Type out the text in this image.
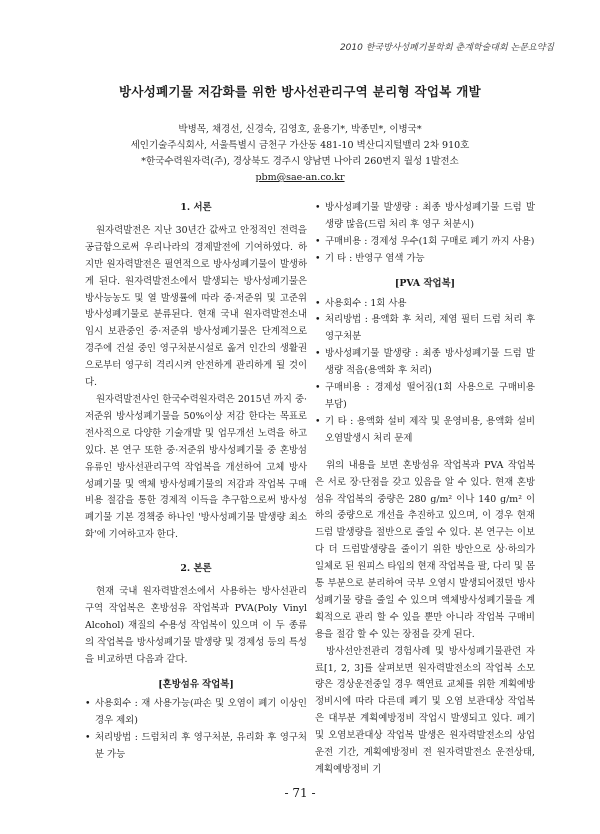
2010 한국방사성폐기물학회 춘계학술대회 논문요약집
방사성폐기물 저감화를 위한 방사선관리구역 분리형 작업복 개발
박병목, 채경선, 신경숙, 김영호, 윤용기*, 박종민*, 이병국*
세인기술주식회사, 서울특별시 금천구 가산동 481-10 벽산디지털밸리 2차 910호
*한국수력원자력(주), 경상북도 경주시 양남면 나아리 260번지 월성 1발전소
pbm@sae-an.co.kr
1. 서론

원자력발전은 지난 30년간 값싸고 안정적인 전력을 공급함으로써 우리나라의 경제발전에 기여하였다. 하지만 원자력발전은 필연적으로 방사성폐기물이 발생하게 된다. 원자력발전소에서 발생되는 방사성폐기물은 방사능농도 및 열 발생률에 따라 중·저준위 및 고준위 방사성폐기물로 분류된다. 현재 국내 원자력발전소내 임시 보관중인 중·저준위 방사성폐기물은 단계적으로 경주에 건설 중인 영구처분시설로 옮겨 인간의 생활권으로부터 영구히 격리시켜 안전하게 관리하게 될 것이다.

원자력발전사인 한국수력원자력은 2015년 까지 중·저준위 방사성폐기물을 50%이상 저감 한다는 목표로 전사적으로 다양한 기술개발 및 업무개선 노력을 하고 있다. 본 연구 또한 중·저준위 방사성폐기물 중 혼방섬유류인 방사선관리구역 작업복을 개선하여 고체 방사성폐기물 및 액체 방사성폐기물의 저감과 작업복 구매비용 절감을 통한 경제적 이득을 추구함으로써 방사성폐기물 기본 경책중 하나인 '방사성폐기물 발생량 최소화'에 기여하고자 한다.

2. 본론

현재 국내 원자력발전소에서 사용하는 방사선관리구역 작업복은 혼방섬유 작업복과 PVA(Poly Vinyl Alcohol) 재질의 수용성 작업복이 있으며 이 두 종류의 작업복을 방사성폐기물 발생량 및 경제성 등의 특성을 비교하면 다음과 같다.

[혼방섬유 작업복]
• 사용회수 : 재 사용가능(파손 및 오염이 폐기 이상인 경우 제외)
• 처리방법 : 드럼처리 후 영구처분, 유리화 후 영구처분 가능
• 방사성폐기물 발생량 : 최종 방사성폐기물 드럼 발생량 많음(드럼 처리 후 영구 처분시)
• 구매비용 : 경제성 우수(1회 구매로 폐기 까지 사용)
• 기 타 : 반영구 염색 가능
[PVA 작업복]
• 사용회수 : 1회 사용
• 처리방법 : 용액화 후 처리, 제염 필터 드럼 처리 후 영구처분
• 방사성폐기물 발생량 : 최종 방사성폐기물 드럼 발생량 적음(용액화 후 처리)
• 구매비용 : 경제성 떨어짐(1회 사용으로 구매비용 부담)
• 기 타 : 용액화 설비 제작 및 운영비용, 용액화 설비 오염발생시 처리 문제

위의 내용을 보면 혼방섬유 작업복과 PVA 작업복은 서로 장·단점을 갖고 있음을 알 수 있다. 현재 혼방섬유 작업복의 중량은 280 g/m² 이나 140 g/m² 이하의 중량으로 개선을 추진하고 있으며, 이 경우 현재 드럼 발생량을 절반으로 줄일 수 있다. 본 연구는 이보다 더 드럼발생량을 줄이기 위한 방안으로 상·하의가 일체로 된 원피스 타입의 현재 작업복을 팔, 다리 및 몸통 부분으로 분리하여 국부 오염시 발생되어졌던 방사성폐기물 량을 줄일 수 있으며 액체방사성폐기물을 계획적으로 관리 할 수 있을 뿐만 아니라 작업복 구매비용을 절감 할 수 있는 장점을 갖게 된다.

방사선안전관리 경험사례 및 방사성폐기물관련 자료[1, 2, 3]를 살펴보면 원자력발전소의 작업복 소모량은 경상운전중일 경우 핵연료 교체를 위한 계획예방정비시에 따라 다른데 폐기 및 오염 보관대상 작업복은 대부분 계획예방정비 작업시 발생되고 있다. 폐기 및 오염보관대상 작업복 발생은 원자력발전소의 상업운전 기간, 계획예방정비 전 원자력발전소 운전상태, 계획예방정비 기

- 71 -
